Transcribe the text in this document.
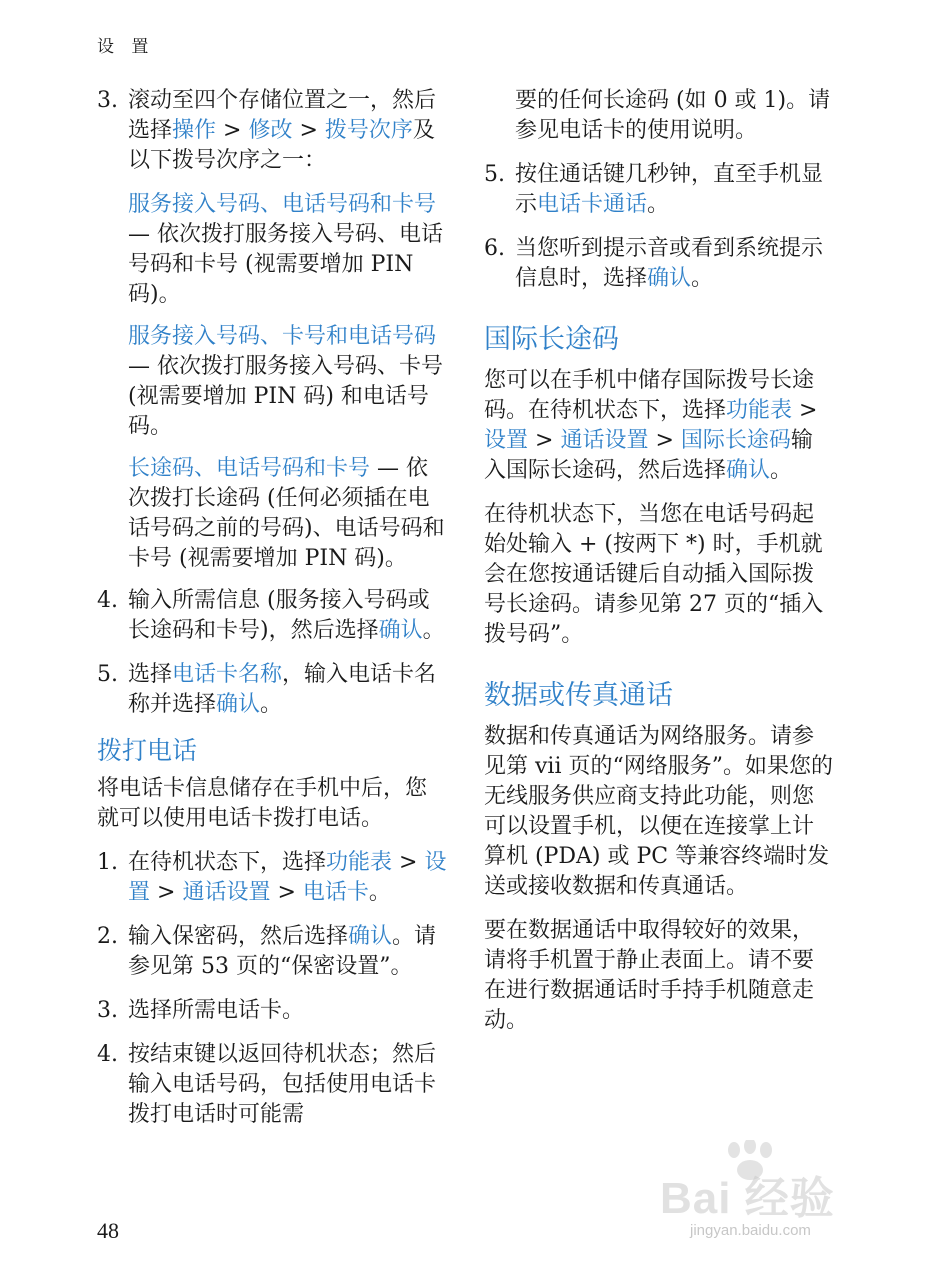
设 置
3. 滚动至四个存储位置之一，然后选择操作 > 修改 > 拨号次序及以下拨号次序之一：
服务接入号码、电话号码和卡号 — 依次拨打服务接入号码、电话号码和卡号 (视需要增加 PIN 码)。
服务接入号码、卡号和电话号码 — 依次拨打服务接入号码、卡号 (视需要增加 PIN 码) 和电话号码。
长途码、电话号码和卡号 — 依次拨打长途码 (任何必须插在电话号码之前的号码)、电话号码和卡号 (视需要增加 PIN 码)。
4. 输入所需信息 (服务接入号码或长途码和卡号)，然后选择确认。
5. 选择电话卡名称，输入电话卡名称并选择确认。
拨打电话
将电话卡信息储存在手机中后，您就可以使用电话卡拨打电话。
1. 在待机状态下，选择功能表 > 设置 > 通话设置 > 电话卡。
2. 输入保密码，然后选择确认。请参见第 53 页的“保密设置”。
3. 选择所需电话卡。
4. 按结束键以返回待机状态；然后输入电话号码，包括使用电话卡拨打电话时可能需
要的任何长途码 (如 0 或 1)。请参见电话卡的使用说明。
5. 按住通话键几秒钟，直至手机显示电话卡通话。
6. 当您听到提示音或看到系统提示信息时，选择确认。
国际长途码
您可以在手机中储存国际拨号长途码。在待机状态下，选择功能表 > 设置 > 通话设置 > 国际长途码输入国际长途码，然后选择确认。
在待机状态下，当您在电话号码起始处输入 + (按两下 *) 时，手机就会在您按通话键后自动插入国际拨号长途码。请参见第 27 页的“插入拨号码”。
数据或传真通话
数据和传真通话为网络服务。请参见第 vii 页的“网络服务”。如果您的无线服务供应商支持此功能，则您可以设置手机，以便在连接掌上计算机 (PDA) 或 PC 等兼容终端时发送或接收数据和传真通话。
要在数据通话中取得较好的效果，请将手机置于静止表面上。请不要在进行数据通话时手持手机随意走动。
48
Bai 经验
jingyan.baidu.com
